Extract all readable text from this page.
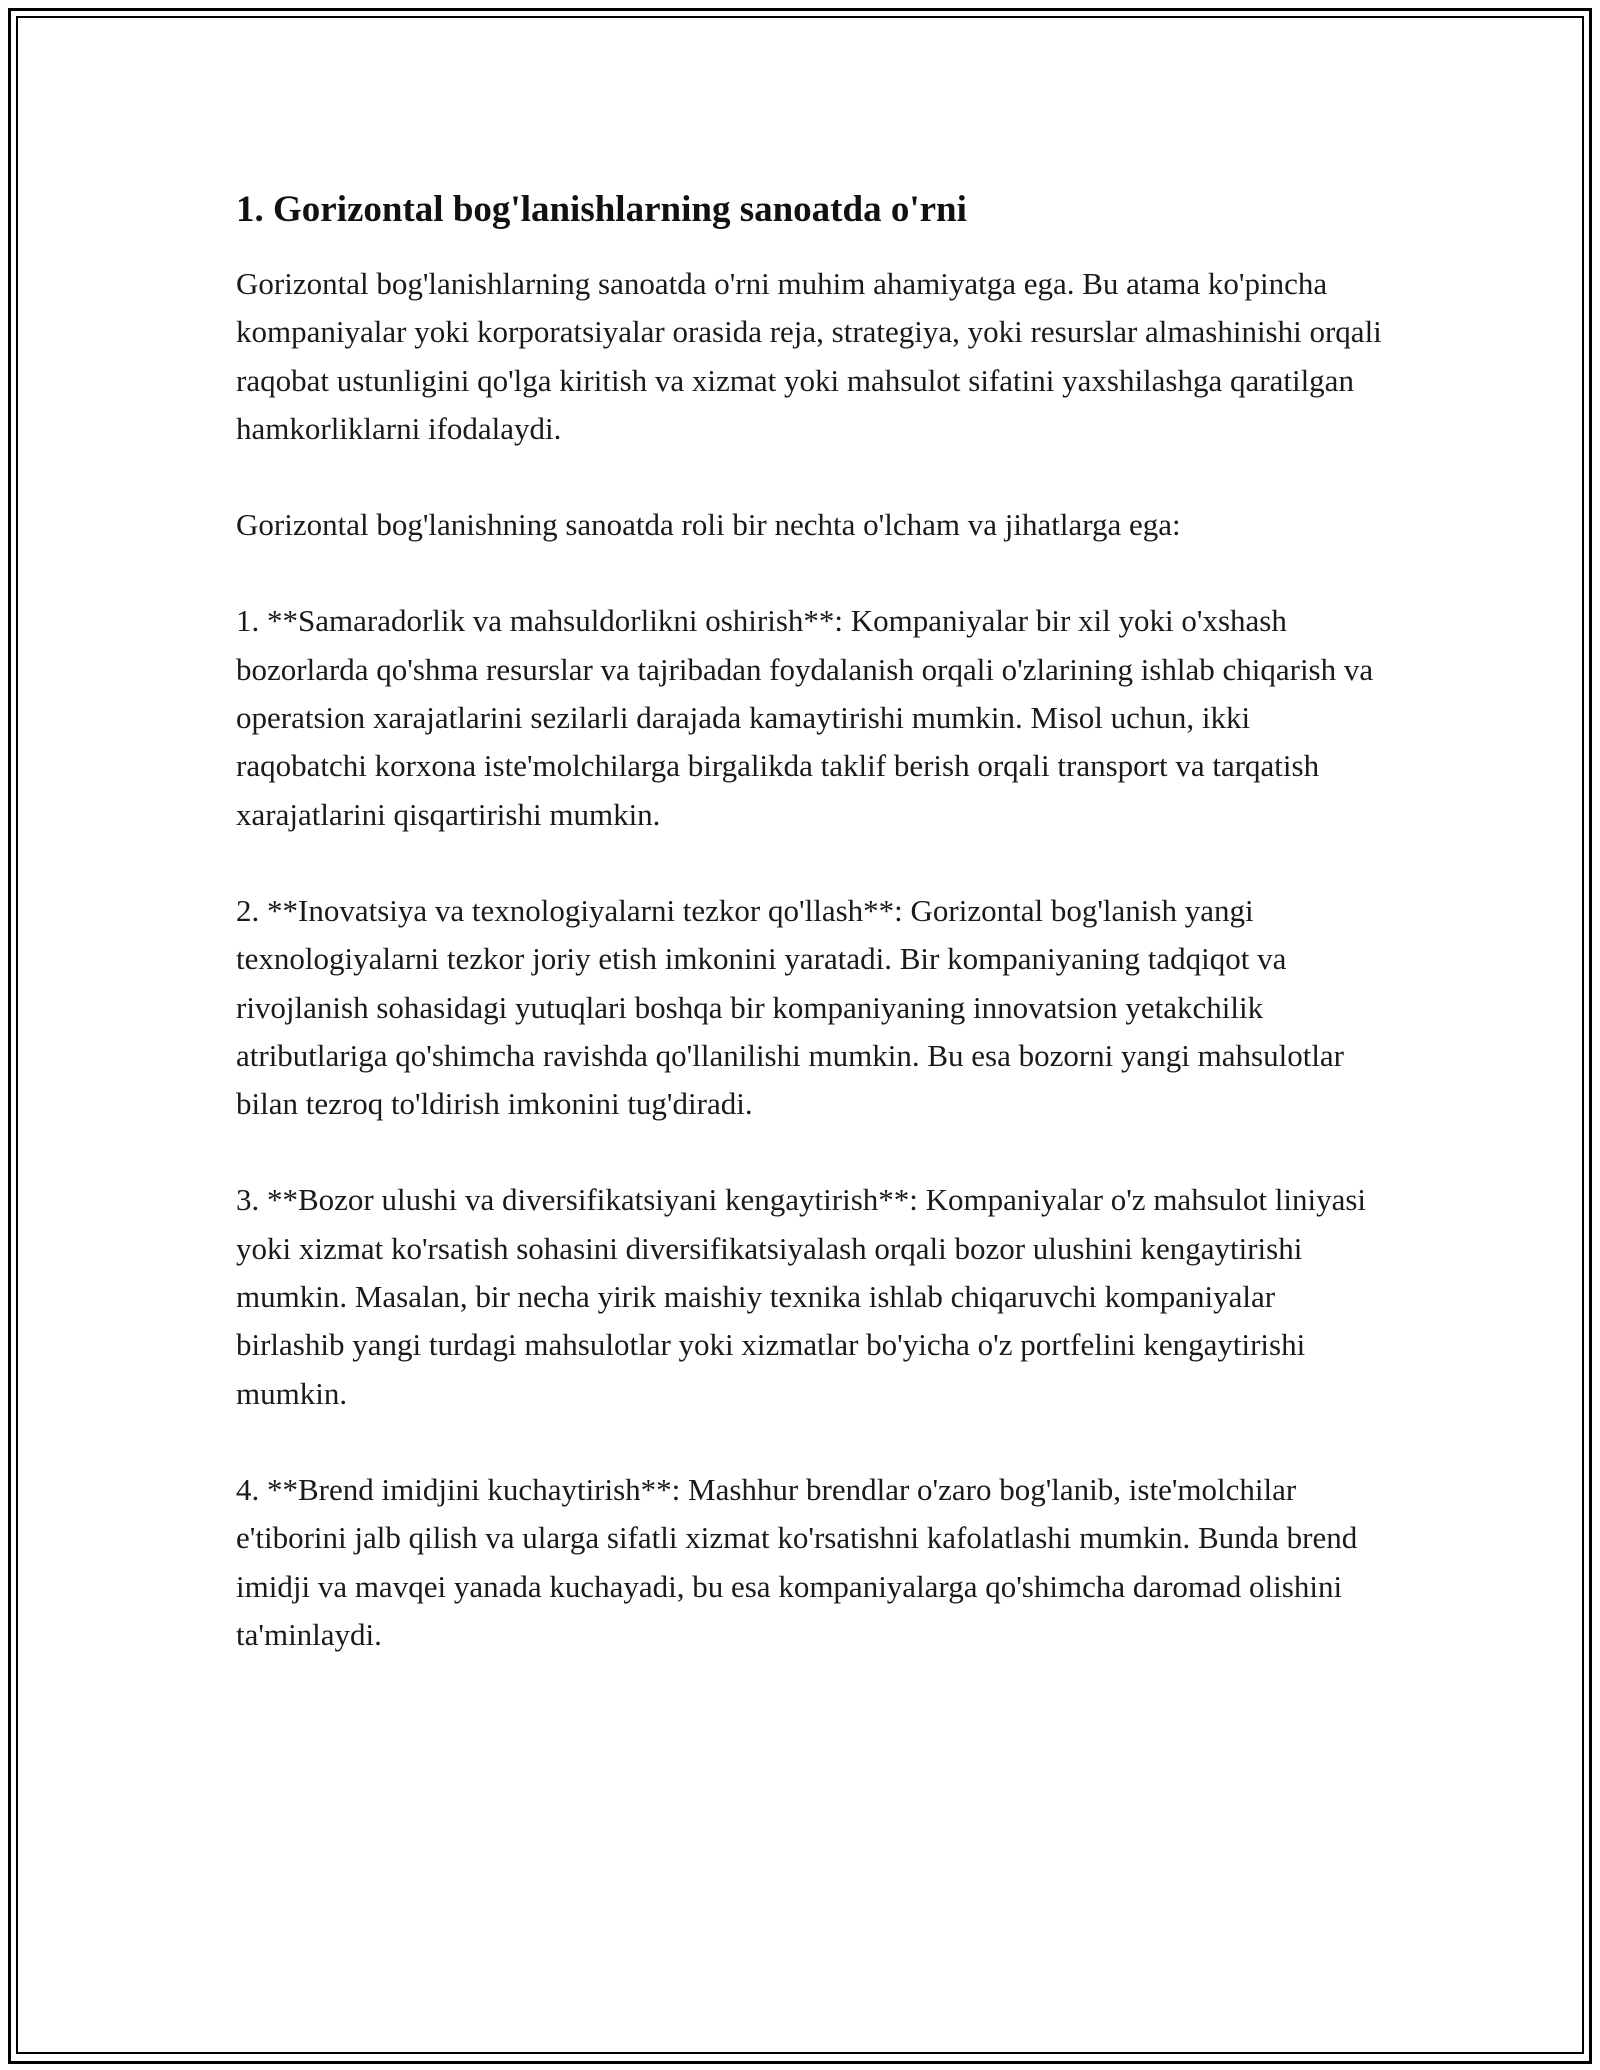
1. Gorizontal bog'lanishlarning sanoatda o'rni

Gorizontal bog'lanishlarning sanoatda o'rni muhim ahamiyatga ega. Bu atama ko'pincha kompaniyalar yoki korporatsiyalar orasida reja, strategiya, yoki resurslar almashinishi orqali raqobat ustunligini qo'lga kiritish va xizmat yoki mahsulot sifatini yaxshilashga qaratilgan hamkorliklarni ifodalaydi.

Gorizontal bog'lanishning sanoatda roli bir nechta o'lcham va jihatlarga ega:

1. **Samaradorlik va mahsuldorlikni oshirish**: Kompaniyalar bir xil yoki o'xshash bozorlarda qo'shma resurslar va tajribadan foydalanish orqali o'zlarining ishlab chiqarish va operatsion xarajatlarini sezilarli darajada kamaytirishi mumkin. Misol uchun, ikki raqobatchi korxona iste'molchilarga birgalikda taklif berish orqali transport va tarqatish xarajatlarini qisqartirishi mumkin.

2. **Inovatsiya va texnologiyalarni tezkor qo'llash**: Gorizontal bog'lanish yangi texnologiyalarni tezkor joriy etish imkonini yaratadi. Bir kompaniyaning tadqiqot va rivojlanish sohasidagi yutuqlari boshqa bir kompaniyaning innovatsion yetakchilik atributlariga qo'shimcha ravishda qo'llanilishi mumkin. Bu esa bozorni yangi mahsulotlar bilan tezroq to'ldirish imkonini tug'diradi.

3. **Bozor ulushi va diversifikatsiyani kengaytirish**: Kompaniyalar o'z mahsulot liniyasi yoki xizmat ko'rsatish sohasini diversifikatsiyalash orqali bozor ulushini kengaytirishi mumkin. Masalan, bir necha yirik maishiy texnika ishlab chiqaruvchi kompaniyalar birlashib yangi turdagi mahsulotlar yoki xizmatlar bo'yicha o'z portfelini kengaytirishi mumkin.

4. **Brend imidjini kuchaytirish**: Mashhur brendlar o'zaro bog'lanib, iste'molchilar e'tiborini jalb qilish va ularga sifatli xizmat ko'rsatishni kafolatlashi mumkin. Bunda brend imidji va mavqei yanada kuchayadi, bu esa kompaniyalarga qo'shimcha daromad olishini ta'minlaydi.
